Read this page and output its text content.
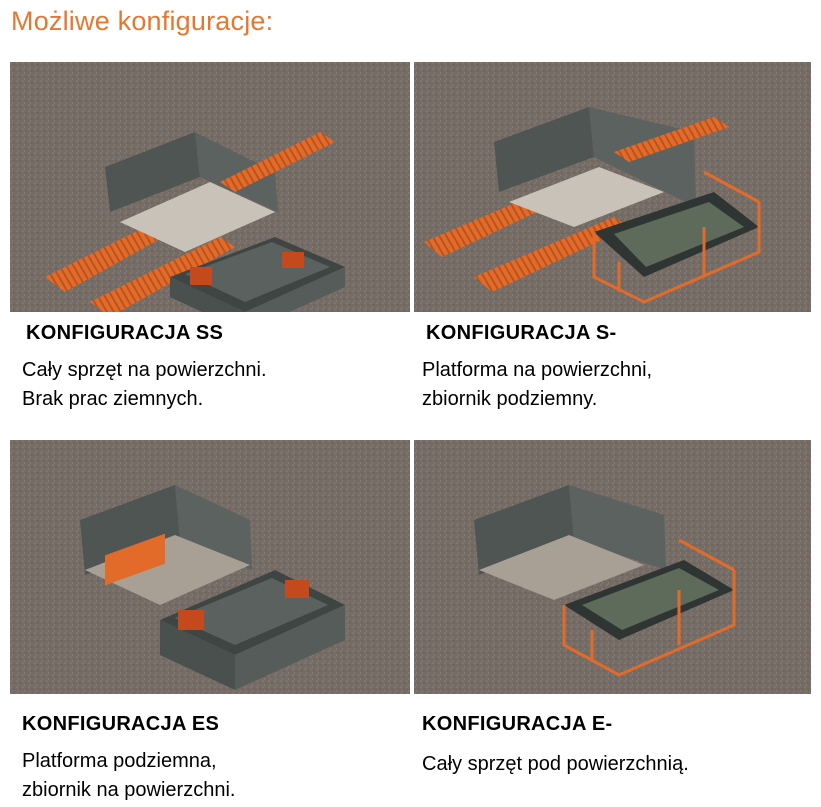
Możliwe konfiguracje:
KONFIGURACJA SS
Cały sprzęt na powierzchni.
Brak prac ziemnych.
KONFIGURACJA S-
Platforma na powierzchni,
zbiornik podziemny.
KONFIGURACJA ES
Platforma podziemna,
zbiornik na powierzchni.
KONFIGURACJA E-
Cały sprzęt pod powierzchnią.
